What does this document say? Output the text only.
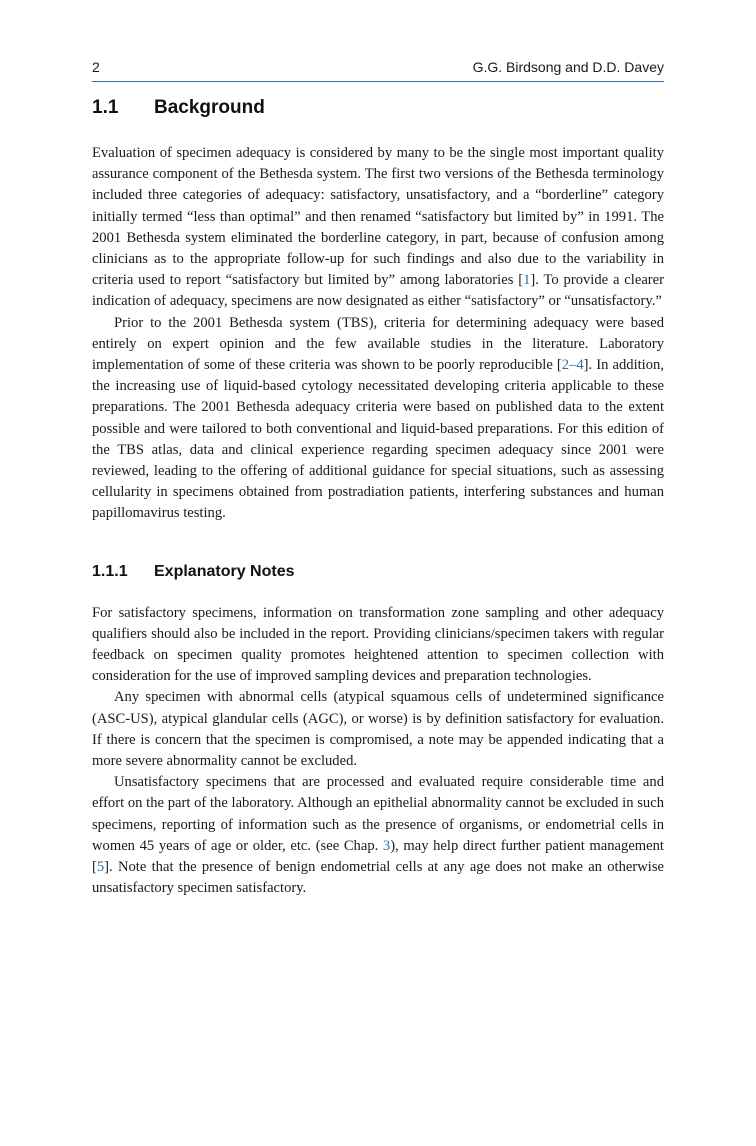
2	G.G. Birdsong and D.D. Davey
1.1	Background

Evaluation of specimen adequacy is considered by many to be the single most important quality assurance component of the Bethesda system. The first two versions of the Bethesda terminology included three categories of adequacy: satisfactory, unsatisfactory, and a “borderline” category initially termed “less than optimal” and then renamed “satisfactory but limited by” in 1991. The 2001 Bethesda system eliminated the borderline category, in part, because of confusion among clinicians as to the appropriate follow-up for such findings and also due to the variability in criteria used to report “satisfactory but limited by” among laboratories [1]. To provide a clearer indication of adequacy, specimens are now designated as either “satisfactory” or “unsatisfactory.”

Prior to the 2001 Bethesda system (TBS), criteria for determining adequacy were based entirely on expert opinion and the few available studies in the literature. Laboratory implementation of some of these criteria was shown to be poorly reproducible [2–4]. In addition, the increasing use of liquid-based cytology necessitated developing criteria applicable to these preparations. The 2001 Bethesda adequacy criteria were based on published data to the extent possible and were tailored to both conventional and liquid-based preparations. For this edition of the TBS atlas, data and clinical experience regarding specimen adequacy since 2001 were reviewed, leading to the offering of additional guidance for special situations, such as assessing cellularity in specimens obtained from postradiation patients, interfering substances and human papillomavirus testing.

1.1.1	Explanatory Notes

For satisfactory specimens, information on transformation zone sampling and other adequacy qualifiers should also be included in the report. Providing clinicians/specimen takers with regular feedback on specimen quality promotes heightened attention to specimen collection with consideration for the use of improved sampling devices and preparation technologies.

Any specimen with abnormal cells (atypical squamous cells of undetermined significance (ASC-US), atypical glandular cells (AGC), or worse) is by definition satisfactory for evaluation. If there is concern that the specimen is compromised, a note may be appended indicating that a more severe abnormality cannot be excluded.

Unsatisfactory specimens that are processed and evaluated require considerable time and effort on the part of the laboratory. Although an epithelial abnormality cannot be excluded in such specimens, reporting of information such as the presence of organisms, or endometrial cells in women 45 years of age or older, etc. (see Chap. 3), may help direct further patient management [5]. Note that the presence of benign endometrial cells at any age does not make an otherwise unsatisfactory specimen satisfactory.
